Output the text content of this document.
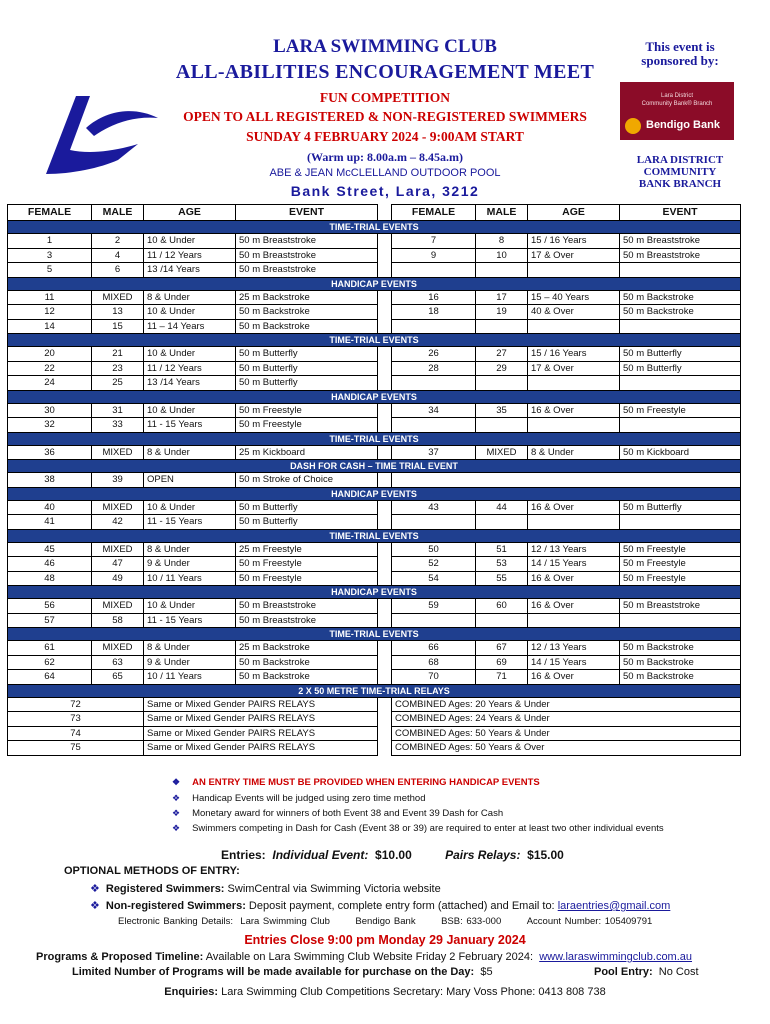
LARA SWIMMING CLUB
ALL-ABILITIES ENCOURAGEMENT MEET
FUN COMPETITION
OPEN TO ALL REGISTERED & NON-REGISTERED SWIMMERS
SUNDAY 4 FEBRUARY 2024 - 9:00AM START
(Warm up: 8.00a.m – 8.45a.m)
ABE & JEAN McCLELLAND OUTDOOR POOL
Bank Street, Lara, 3212
This event is
sponsored by:
Lara District
Community Bank® Branch
Bendigo Bank
LARA DISTRICT
COMMUNITY
BANK BRANCH
FEMALE	MALE	AGE	EVENT		FEMALE	MALE	AGE	EVENT
TIME-TRIAL EVENTS								
1	2	10 & Under	50 m Breaststroke		7	8	15 / 16 Years	50 m Breaststroke
3	4	11 / 12 Years	50 m Breaststroke		9	10	17 & Over	50 m Breaststroke
5	6	13 /14 Years	50 m Breaststroke					
HANDICAP EVENTS								
11	MIXED	8 & Under	25 m Backstroke		16	17	15 – 40 Years	50 m Backstroke
12	13	10 & Under	50 m Backstroke		18	19	40 & Over	50 m Backstroke
14	15	11 – 14 Years	50 m Backstroke					
TIME-TRIAL EVENTS								
20	21	10 & Under	50 m Butterfly		26	27	15 / 16 Years	50 m Butterfly
22	23	11 / 12 Years	50 m Butterfly		28	29	17 & Over	50 m Butterfly
24	25	13 /14 Years	50 m Butterfly					
HANDICAP EVENTS								
30	31	10 & Under	50 m Freestyle		34	35	16 & Over	50 m Freestyle
32	33	11 - 15 Years	50 m Freestyle					
TIME-TRIAL EVENTS								
36	MIXED	8 & Under	25 m Kickboard		37	MIXED	8 & Under	50 m Kickboard
DASH FOR CASH – TIME TRIAL EVENT								
38	39	OPEN	50 m Stroke of Choice					
HANDICAP EVENTS								
40	MIXED	10 & Under	50 m Butterfly		43	44	16 & Over	50 m Butterfly
41	42	11 - 15 Years	50 m Butterfly					
TIME-TRIAL EVENTS								
45	MIXED	8 & Under	25 m Freestyle		50	51	12 / 13 Years	50 m Freestyle
46	47	9 & Under	50 m Freestyle		52	53	14 / 15 Years	50 m Freestyle
48	49	10 / 11 Years	50 m Freestyle		54	55	16 & Over	50 m Freestyle
HANDICAP EVENTS								
56	MIXED	10 & Under	50 m Breaststroke		59	60	16 & Over	50 m Breaststroke
57	58	11 - 15 Years	50 m Breaststroke					
TIME-TRIAL EVENTS								
61	MIXED	8 & Under	25 m Backstroke		66	67	12 / 13 Years	50 m Backstroke
62	63	9 & Under	50 m Backstroke		68	69	14 / 15 Years	50 m Backstroke
64	65	10 / 11 Years	50 m Backstroke		70	71	16 & Over	50 m Backstroke
2 X 50 METRE TIME-TRIAL RELAYS								
72		Same or Mixed Gender PAIRS RELAYS			COMBINED Ages: 20 Years & Under			
73		Same or Mixed Gender PAIRS RELAYS			COMBINED Ages: 24 Years & Under			
74		Same or Mixed Gender PAIRS RELAYS			COMBINED Ages: 50 Years & Under			
75		Same or Mixed Gender PAIRS RELAYS			COMBINED Ages: 50 Years & Over			
❖ AN ENTRY TIME MUST BE PROVIDED WHEN ENTERING HANDICAP EVENTS
❖ Handicap Events will be judged using zero time method
❖ Monetary award for winners of both Event 38 and Event 39 Dash for Cash
❖ Swimmers competing in Dash for Cash (Event 38 or 39) are required to enter at least two other individual events
Entries: Individual Event: $10.00	Pairs Relays: $15.00
OPTIONAL METHODS OF ENTRY:
❖ Registered Swimmers: SwimCentral via Swimming Victoria website
❖ Non-registered Swimmers: Deposit payment, complete entry form (attached) and Email to: laraentries@gmail.com
Electronic Banking Details: Lara Swimming Club	Bendigo Bank	BSB: 633-000	Account Number: 105409791
Entries Close 9:00 pm Monday 29 January 2024
Programs & Proposed Timeline: Available on Lara Swimming Club Website Friday 2 February 2024: www.laraswimmingclub.com.au
Limited Number of Programs will be made available for purchase on the Day: $5	Pool Entry: No Cost
Enquiries: Lara Swimming Club Competitions Secretary: Mary Voss Phone: 0413 808 738
